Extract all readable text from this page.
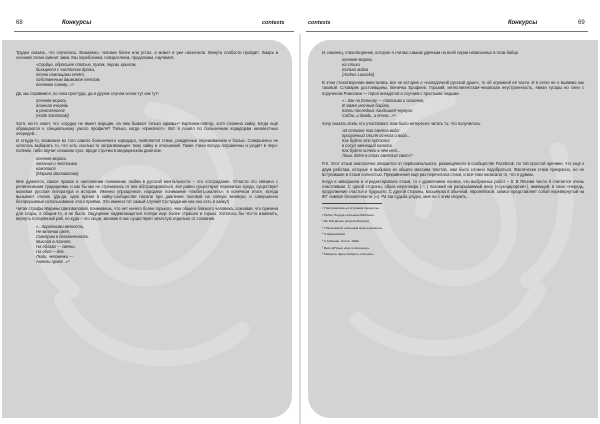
68	Конкурсы	contests

Трудно сказать, что случилось. Возможно, человек болен или устал, а может и уже наскочила. Минута слабости пройдёт. Хмарь и осенний сплин сменит зима. Мы перебоенем, повзрослеем, продолжим, научимся.

«Сердце, обросшее плотью, пухом, пером, крылом,

бьющееся с частотою дрожи,

точно ножницами сечёт,

собственным движимое теплом,

осеннюю синеву...»¹

Да, мы справимся, по пока простуда, да и другие случаи осени тут как тут!

осенняя морось

длинная очередь

в рентгенолог

(Надя Santamaki)

Хотя, ни-то знает, что «сердце не имеет морщин, на нем бывают только шрамы»² Картинка-повтор, хотя сложена хайку. Когда ещё обращаются к специальному узкого профиля? Только, когда «приклеют». Вот я пошёл по больничным коридорам неизвестных очередей...

И откуда-то, возможно во того самого больничного коридора, появляется стихи, рождённые переживанием и болью. Совершенно не хотелось выбирать то, что хоть сколько-то затрагивающее тему хайку и отношений. Такие стихи всегда пограничны и уходят в перо-полемю, либо звучат слишком сухо, вроде строчки в медицинском диагнозе.

осенняя морось

желания и честными

нажатися

(Марина Шиповалова)

Мне думается, самое правое в наполнении понимание любви в русской ментальности – это сострадание. Отчасти это связано с религиозными традициями, и как бы мы не стремились от них абстрагироваться, всё равно существуют пережитых среда, существует молевая русская литература и история. Именно упрощенное, народное понимание «любить=жалеть», в конечном итоге, всегда вызывает отклик. (Да-да, одно время в хайку-сообществе писали про давление половой на слёвую великую, и совершенно беспрерывные использование этого приёма. Это именно тот самый случай! Сострадание как оно есть в хайку!)

Читая строфы Марины Шиповаловой, понимаешь, что нет ничего более горького, чем общего близкого человека, сознавая, что причина для ссоры, в общем-то, и не было. Ощущение надвигающегося потери еще более страшно и горько. Хотелось бы что-то изменить, вернуть потерянный рай, но куда – это люди, звонкие в нас существуют зачастую отдельно от сознания.

«...Короткими вечность,

Не включив свет,

Смотрим в бесконечность

Мысной в планет,

На облава — свечки,

На обей —для,

Люди, человечки —

Ангелы архея...»³

contests	Конкурсы	69

И, наконец, стихотворение, которое я считаю самым удачным на всей серии написанных в этом бабце.

осенняя морось

на стихи

только водка

(Andrus Lunacko)

В этом стихотворении вместились все не история о «наладочной русской душе», то об огромной её части. И в сетке не о выпивке как таковой. Словарик достоевщины, Веничка Ерофеев, Горький, интеллигентская-чеховская неустроенность, явная гусары но сени с порученом Ромоскин — героя анекдотов и случаев с простыми людьми.

«...Как по Есенину — тоскливо и сказочно,

В замке уютный бардак,

Капли последних ландышей-чернухо

Сабли, и дождь, и почна...»⁴

Хочу сказать всем, кто участвовал: нам было интересно читать то, что получилось.

«В стакане так светла вода:

прозрачный стиля стекла и вода...

Как будто это пустота

в сосуд звенящий налита.

Как будто ничего в нём нет...

Лишь блёт в сейах светлый свет»⁵

P.S. Этот отзыв аналогично опирается от первоначального, размещённого в сообществе Facebook, по той простой причине, что ещё к двум работам, которые я выбрала из общего массива текстов, нам было сложно подобраться. Фактически стихи прекрасно, но не вступавшие в отзыв полностью. Приравнения ещё раз перечитала стихи, и всё-таки написала то, что я думаю.

Когда я завершила и отредактировала отзыв, то с удивлением поняла, что выбранных работ – 8. В Японии число 8 считается очень счастливым. С одной стороны, образ иероглифа (八) похожий на раскрываемый веер («сухоцироргия»), имеющий, в свою очередь, продолжение счастья и будущего. С другой стороны, восьмёрка в обычной, европейской, записи представляет собой перевёрнутый на 90° символ бесконечности (∞). Ра так судьба угодно, мне ли с этим спорить...

¹ Г Шиповалова «А в правом процессе»

² Пабло Неруда «Осенние Бабочки»

³ Ян Рой Денон (Алисия Бирина)

⁴ Н Бушевской «Осенний краж колыбели»

⁵ Н Шанхайский

⁶ К Арбенин. Стихи. 1992г.

⁷ Вася Д'Грэни «Как по Есенину»

⁸ Мамугян. Даль Кабриль «Осение»
